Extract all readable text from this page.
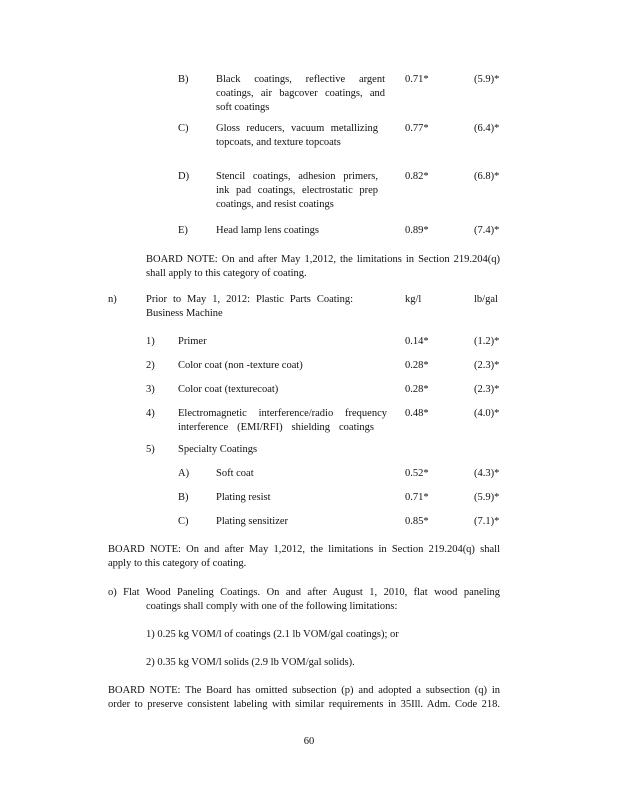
B)	Black coatings, reflective argent
coatings, air bagcover coatings, and
soft coatings
0.71*	(5.9)*
C)	Gloss reducers, vacuum metallizing
topcoats, and texture topcoats
0.77*	(6.4)*
D)	Stencil coatings, adhesion primers,
ink pad coatings, electrostatic prep
coatings, and resist coatings
0.82*	(6.8)*
E)	Head lamp lens coatings	0.89*	(7.4)*
BOARD NOTE: On and after May 1,2012, the limitations in Section 219.204(q)
shall apply to this category of coating.
n)	Prior to May 1, 2012: Plastic Parts Coating:
Business Machine
kg/l	lb/gal
1) Primer	0.14*	(1.2)*
2) Color coat (non -texture coat)	0.28*	(2.3)*
3) Color coat (texturecoat)	0.28*	(2.3)*
4) Electromagnetic interference/radio frequency
interference (EMI/RFI) shielding coatings
0.48*	(4.0)*
5) Specialty Coatings
A)	Soft coat	0.52*	(4.3)*
B)	Plating resist	0.71*	(5.9)*
C)	Plating sensitizer	0.85*	(7.1)*
BOARD NOTE: On and after May 1,2012, the limitations in Section 219.204(q) shall
apply to this category of coating.
o) Flat Wood Paneling Coatings. On and after August 1, 2010, flat wood paneling
coatings shall comply with one of the following limitations:
1) 0.25 kg VOM/l of coatings (2.1 lb VOM/gal coatings); or
2) 0.35 kg VOM/l solids (2.9 lb VOM/gal solids).
BOARD NOTE: The Board has omitted subsection (p) and adopted a subsection (q) in
order to preserve consistent labeling with similar requirements in 35Ill. Adm. Code 218.
60
